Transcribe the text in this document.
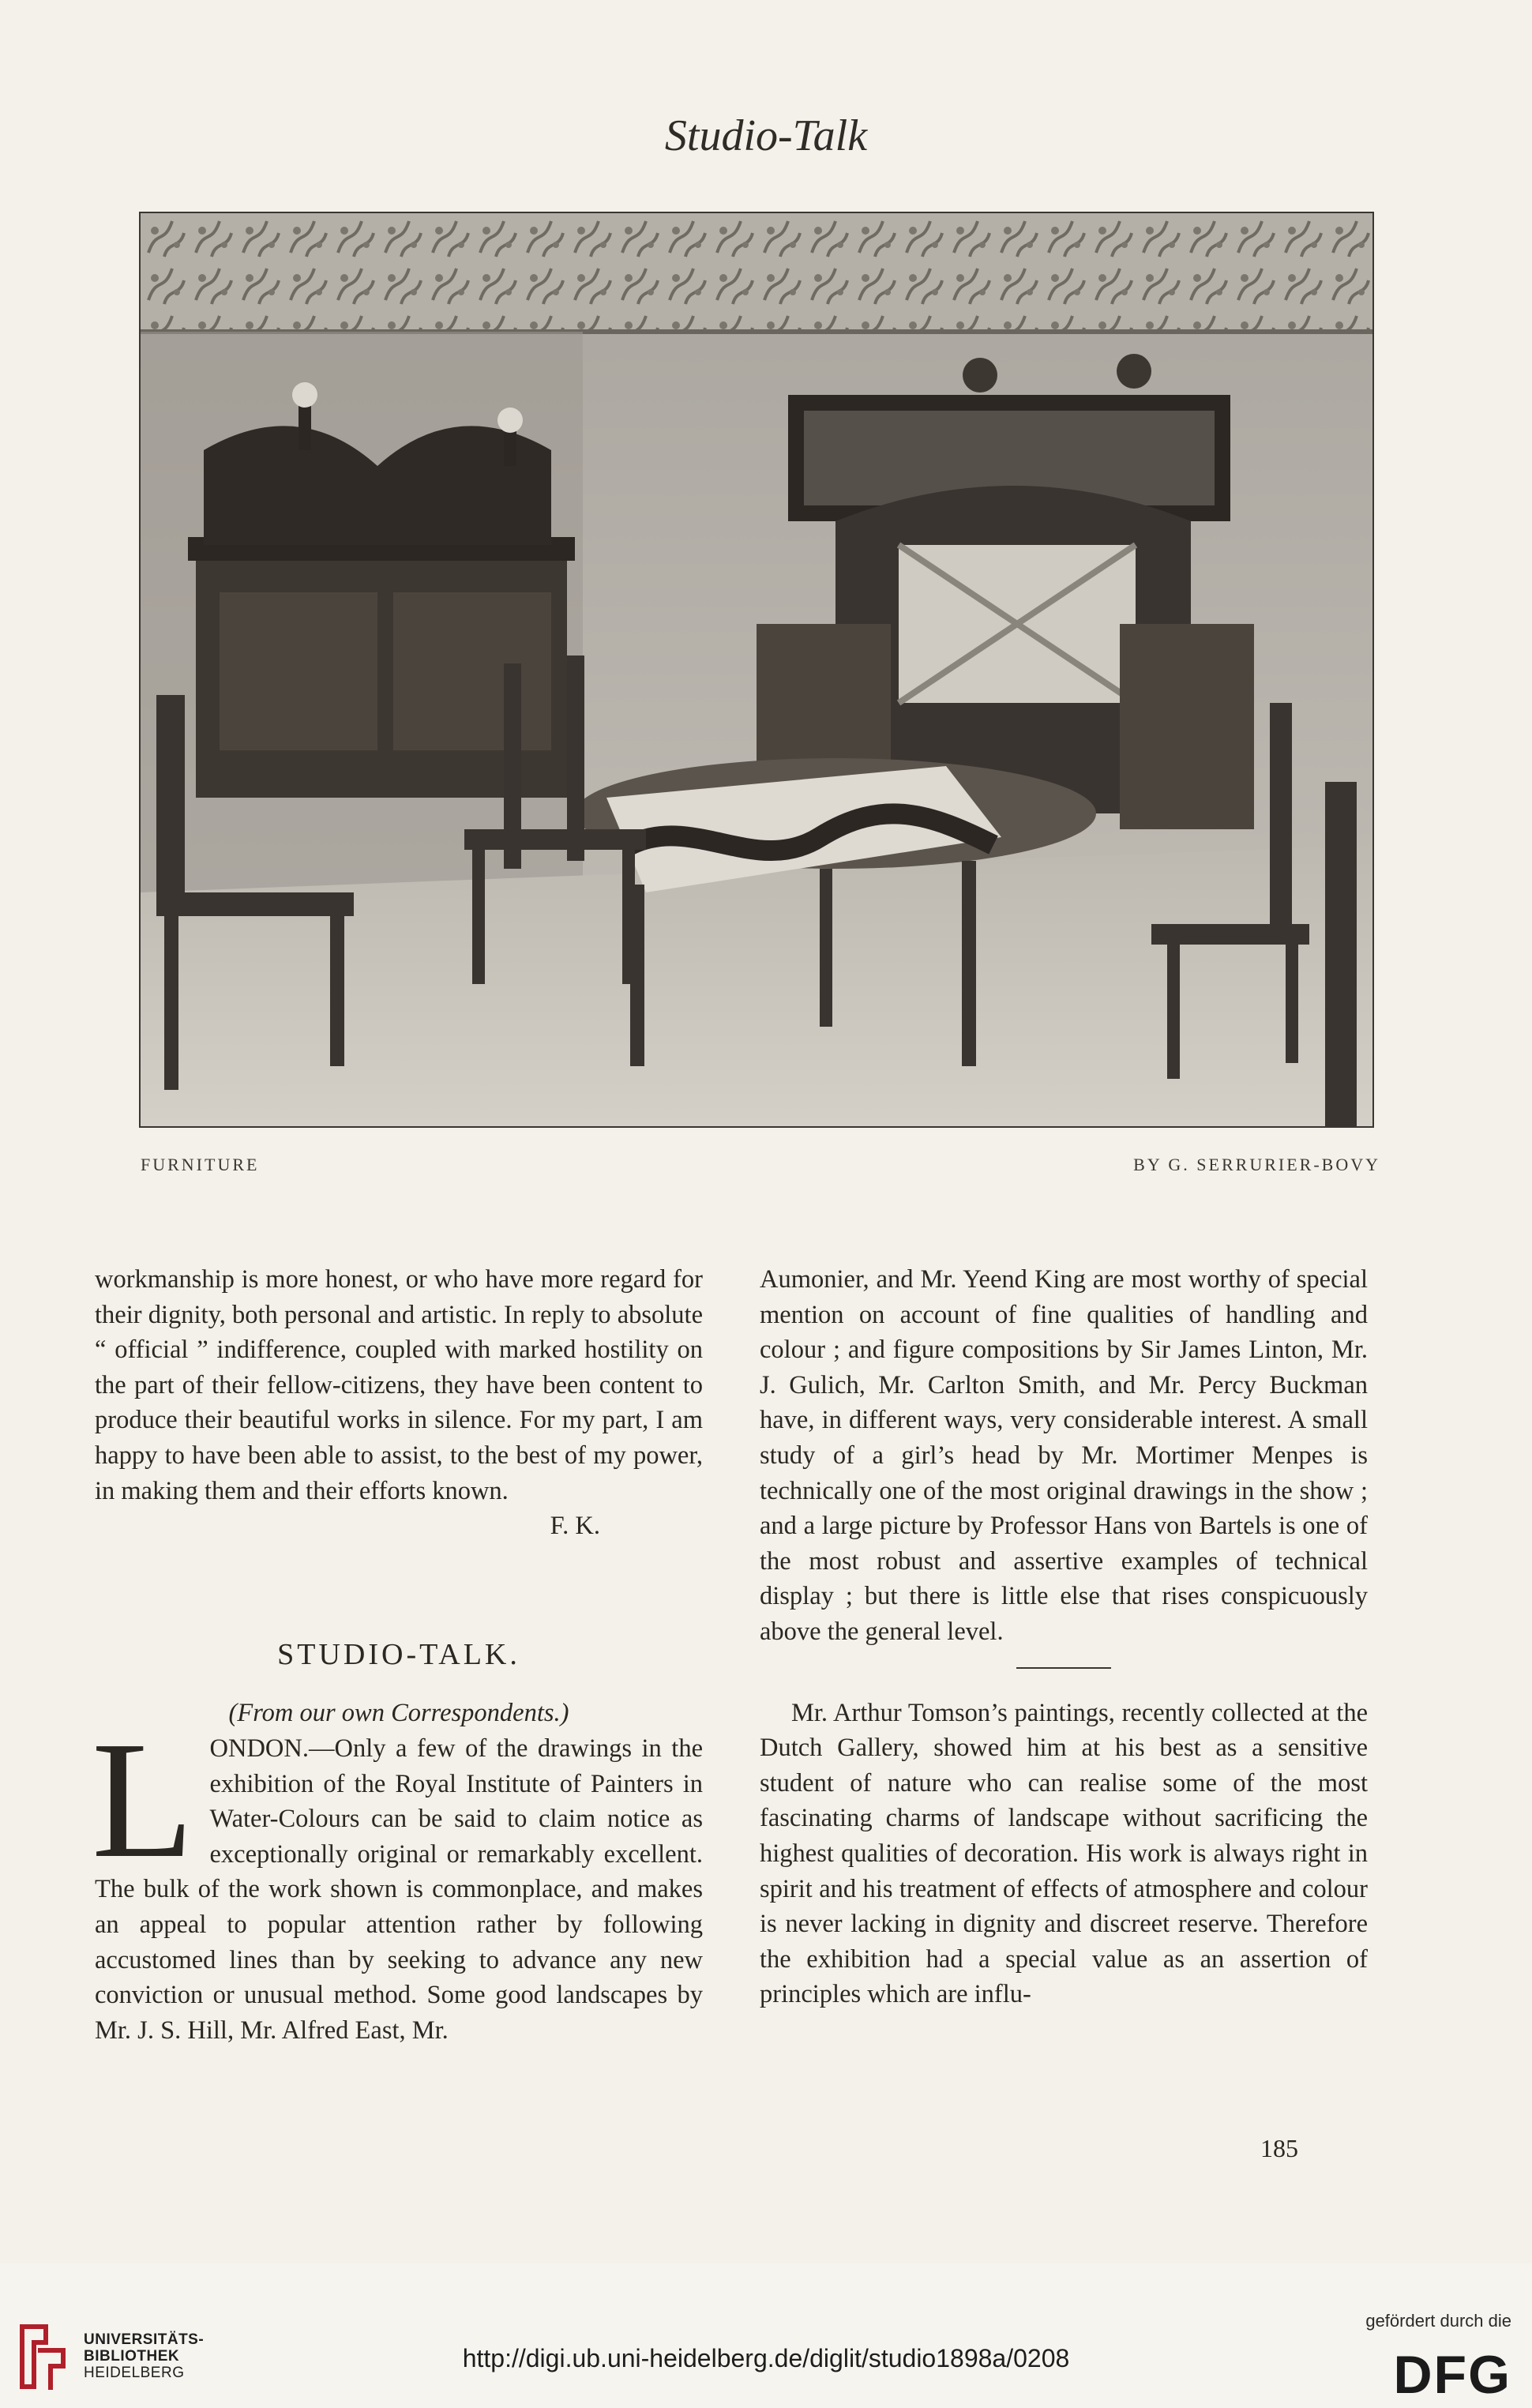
Studio-Talk
FURNITURE	BY G. SERRURIER-BOVY

workmanship is more honest, or who have more regard for their dignity, both personal and artistic. In reply to absolute “ official ” indifference, coupled with marked hostility on the part of their fellow-citizens, they have been content to produce their beautiful works in silence. For my part, I am happy to have been able to assist, to the best of my power, in making them and their efforts known.

F. K.

STUDIO-TALK.

(From our own Correspondents.)

LONDON.—Only a few of the drawings in the exhibition of the Royal Institute of Painters in Water-Colours can be said to claim notice as exceptionally original or remarkably excellent. The bulk of the work shown is commonplace, and makes an appeal to popular attention rather by following accustomed lines than by seeking to advance any new conviction or unusual method. Some good landscapes by Mr. J. S. Hill, Mr. Alfred East, Mr.

Aumonier, and Mr. Yeend King are most worthy of special mention on account of fine qualities of handling and colour ; and figure compositions by Sir James Linton, Mr. J. Gulich, Mr. Carlton Smith, and Mr. Percy Buckman have, in different ways, very considerable interest. A small study of a girl’s head by Mr. Mortimer Menpes is technically one of the most original drawings in the show ; and a large picture by Professor Hans von Bartels is one of the most robust and assertive examples of technical display ; but there is little else that rises conspicuously above the general level.

Mr. Arthur Tomson’s paintings, recently collected at the Dutch Gallery, showed him at his best as a sensitive student of nature who can realise some of the most fascinating charms of landscape without sacrificing the highest qualities of decoration. His work is always right in spirit and his treatment of effects of atmosphere and colour is never lacking in dignity and discreet reserve. Therefore the exhibition had a special value as an assertion of principles which are influ-

185
UNIVERSITÄTS-
BIBLIOTHEK
HEIDELBERG
http://digi.ub.uni-heidelberg.de/diglit/studio1898a/0208
gefördert durch die
DFG
